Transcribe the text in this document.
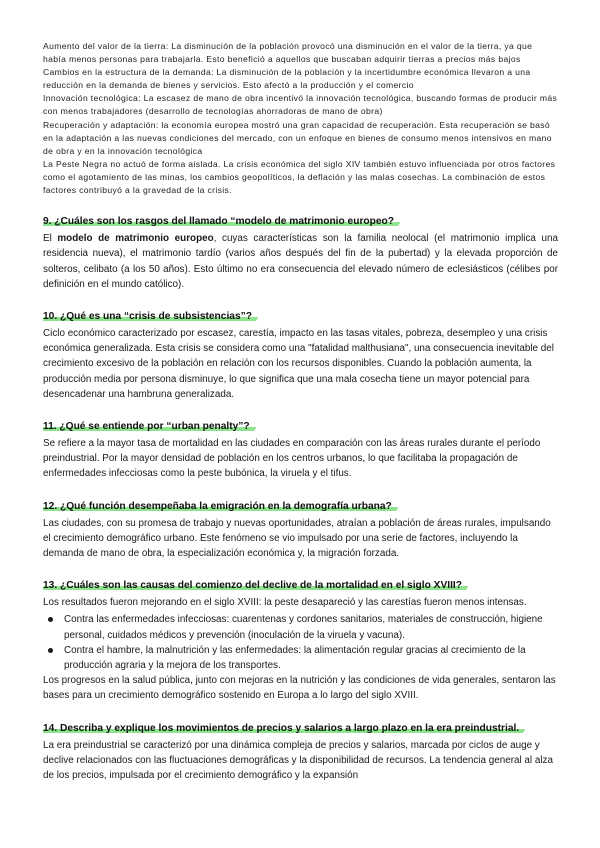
Aumento del valor de la tierra: La disminución de la población provocó una disminución en el valor de la tierra, ya que había menos personas para trabajarla. Esto benefició a aquellos que buscaban adquirir tierras a precios más bajos

Cambios en la estructura de la demanda: La disminución de la población y la incertidumbre económica llevaron a una reducción en la demanda de bienes y servicios. Esto afectó a la producción y el comercio

Innovación tecnológica: La escasez de mano de obra incentivó la innovación tecnológica, buscando formas de producir más con menos trabajadores (desarrollo de tecnologías ahorradoras de mano de obra)

Recuperación y adaptación: la economía europea mostró una gran capacidad de recuperación. Esta recuperación se basó en la adaptación a las nuevas condiciones del mercado, con un enfoque en bienes de consumo menos intensivos en mano de obra y en la innovación tecnológica

La Peste Negra no actuó de forma aislada. La crisis económica del siglo XIV también estuvo influenciada por otros factores como el agotamiento de las minas, los cambios geopolíticos, la deflación y las malas cosechas. La combinación de estos factores contribuyó a la gravedad de la crisis.

9. ¿Cuáles son los rasgos del llamado “modelo de matrimonio europeo?
El modelo de matrimonio europeo, cuyas características son la familia neolocal (el matrimonio implica una residencia nueva), el matrimonio tardío (varios años después del fin de la pubertad) y la elevada proporción de solteros, celibato (a los 50 años). Esto último no era consecuencia del elevado número de eclesiásticos (célibes por definición en el mundo católico).
10. ¿Qué es una “crisis de subsistencias”?

Ciclo económico caracterizado por escasez, carestía, impacto en las tasas vitales, pobreza, desempleo y una crisis económica generalizada. Esta crisis se considera como una "fatalidad malthusiana", una consecuencia inevitable del crecimiento excesivo de la población en relación con los recursos disponibles. Cuando la población aumenta, la producción media por persona disminuye, lo que significa que una mala cosecha tiene un mayor potencial para desencadenar una hambruna generalizada.

11. ¿Qué se entiende por “urban penalty”?

Se refiere a la mayor tasa de mortalidad en las ciudades en comparación con las áreas rurales durante el período preindustrial. Por la mayor densidad de población en los centros urbanos, lo que facilitaba la propagación de enfermedades infecciosas como la peste bubónica, la viruela y el tifus.

12. ¿Qué función desempeñaba la emigración en la demografía urbana?

Las ciudades, con su promesa de trabajo y nuevas oportunidades, atraían a población de áreas rurales, impulsando el crecimiento demográfico urbano. Este fenómeno se vio impulsado por una serie de factores, incluyendo la demanda de mano de obra, la especialización económica y, la migración forzada.

13. ¿Cuáles son las causas del comienzo del declive de la mortalidad en el siglo XVIII?

Los resultados fueron mejorando en el siglo XVIII: la peste desapareció y las carestías fueron menos intensas.

Contra las enfermedades infecciosas: cuarentenas y cordones sanitarios, materiales de construcción, higiene personal, cuidados médicos y prevención (inoculación de la viruela y vacuna).
Contra el hambre, la malnutrición y las enfermedades: la alimentación regular gracias al crecimiento de la producción agraria y la mejora de los transportes.

Los progresos en la salud pública, junto con mejoras en la nutrición y las condiciones de vida generales, sentaron las bases para un crecimiento demográfico sostenido en Europa a lo largo del siglo XVIII.

14. Describa y explique los movimientos de precios y salarios a largo plazo en la era preindustrial.

La era preindustrial se caracterizó por una dinámica compleja de precios y salarios, marcada por ciclos de auge y declive relacionados con las fluctuaciones demográficas y la disponibilidad de recursos. La tendencia general al alza de los precios, impulsada por el crecimiento demográfico y la expansión
